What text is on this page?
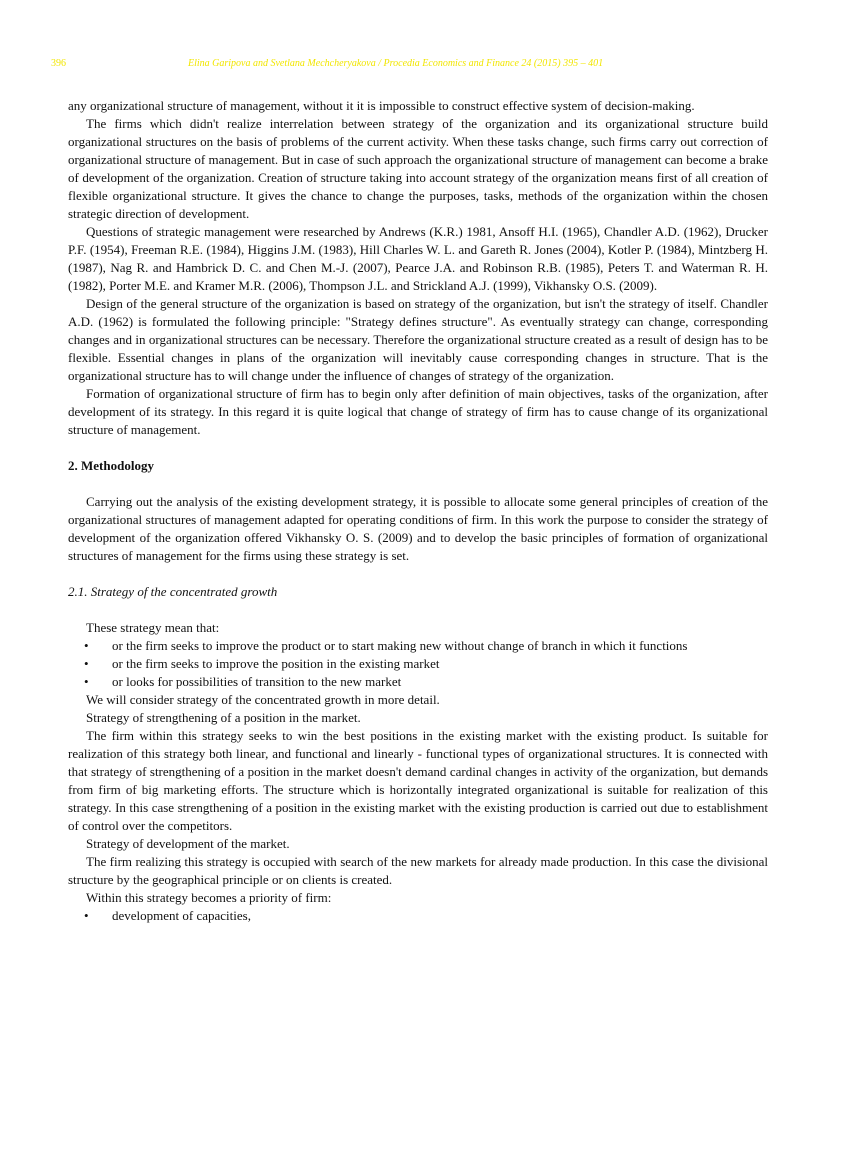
396	Elina Garipova and Svetlana Mechcheryakova / Procedia Economics and Finance 24 (2015) 395 – 401

any organizational structure of management, without it it is impossible to construct effective system of decision-making.

The firms which didn't realize interrelation between strategy of the organization and its organizational structure build organizational structures on the basis of problems of the current activity. When these tasks change, such firms carry out correction of organizational structure of management. But in case of such approach the organizational structure of management can become a brake of development of the organization. Creation of structure taking into account strategy of the organization means first of all creation of flexible organizational structure. It gives the chance to change the purposes, tasks, methods of the organization within the chosen strategic direction of development.

Questions of strategic management were researched by Andrews (K.R.) 1981, Ansoff H.I. (1965), Chandler A.D. (1962), Drucker P.F. (1954), Freeman R.E. (1984), Higgins J.M. (1983), Hill Charles W. L. and Gareth R. Jones (2004), Kotler P. (1984), Mintzberg H. (1987), Nag R. and Hambrick D. C. and Chen M.-J. (2007), Pearce J.A. and Robinson R.B. (1985), Peters T. and Waterman R. H. (1982), Porter M.E. and Kramer M.R. (2006), Thompson J.L. and Strickland A.J. (1999), Vikhansky O.S. (2009).

Design of the general structure of the organization is based on strategy of the organization, but isn't the strategy of itself. Chandler A.D. (1962) is formulated the following principle: "Strategy defines structure". As eventually strategy can change, corresponding changes and in organizational structures can be necessary. Therefore the organizational structure created as a result of design has to be flexible. Essential changes in plans of the organization will inevitably cause corresponding changes in structure. That is the organizational structure has to will change under the influence of changes of strategy of the organization.

Formation of organizational structure of firm has to begin only after definition of main objectives, tasks of the organization, after development of its strategy. In this regard it is quite logical that change of strategy of firm has to cause change of its organizational structure of management.

2. Methodology

Carrying out the analysis of the existing development strategy, it is possible to allocate some general principles of creation of the organizational structures of management adapted for operating conditions of firm. In this work the purpose to consider the strategy of development of the organization offered Vikhansky O. S. (2009) and to develop the basic principles of formation of organizational structures of management for the firms using these strategy is set.

2.1. Strategy of the concentrated growth

These strategy mean that:

• or the firm seeks to improve the product or to start making new without change of branch in which it functions
• or the firm seeks to improve the position in the existing market
• or looks for possibilities of transition to the new market

We will consider strategy of the concentrated growth in more detail.

Strategy of strengthening of a position in the market.

The firm within this strategy seeks to win the best positions in the existing market with the existing product. Is suitable for realization of this strategy both linear, and functional and linearly - functional types of organizational structures. It is connected with that strategy of strengthening of a position in the market doesn't demand cardinal changes in activity of the organization, but demands from firm of big marketing efforts. The structure which is horizontally integrated organizational is suitable for realization of this strategy. In this case strengthening of a position in the existing market with the existing production is carried out due to establishment of control over the competitors.

Strategy of development of the market.

The firm realizing this strategy is occupied with search of the new markets for already made production. In this case the divisional structure by the geographical principle or on clients is created.

Within this strategy becomes a priority of firm:

• development of capacities,
